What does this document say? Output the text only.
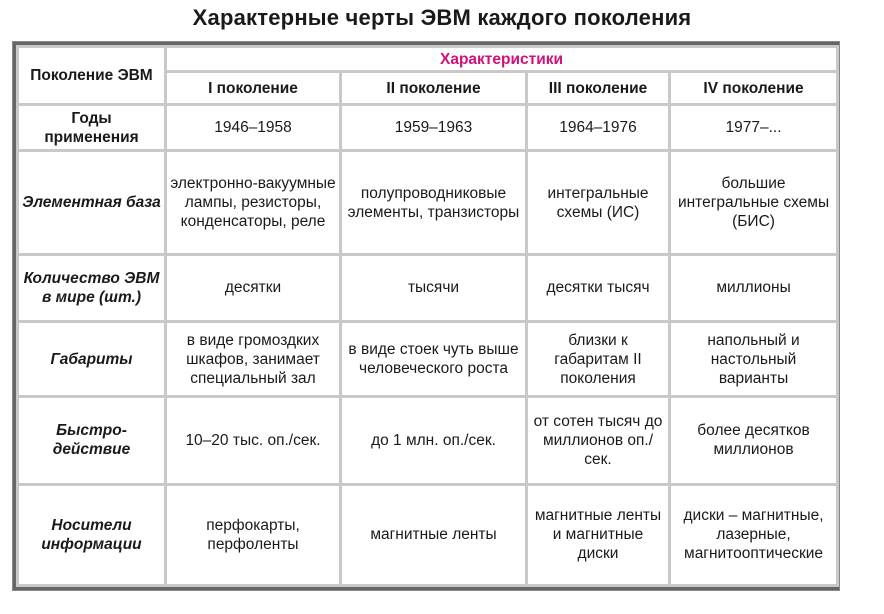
Характерные черты ЭВМ каждого поколения
Поколение ЭВМ	Характеристики			
	I поколение	II поколение	III поколение	IV поколение
Годы применения	1946–1958	1959–1963	1964–1976	1977–...
Элементная база	электронно-вакуумные лампы, резисторы, конденсаторы, реле	полупроводниковые элементы, транзисторы	интегральные схемы (ИС)	большие интегральные схемы (БИС)
Количество ЭВМ в мире (шт.)	десятки	тысячи	десятки тысяч	миллионы
Габариты	в виде громоздких шкафов, занимает специальный зал	в виде стоек чуть выше человеческого роста	близки к габаритам II поколения	напольный и настольный варианты
Быстро-действие	10–20 тыс. оп./сек.	до 1 млн. оп./сек.	от сотен тысяч до миллионов оп./сек.	более десятков миллионов
Носители информации	перфокарты, перфоленты	магнитные ленты	магнитные ленты и магнитные диски	диски – магнитные, лазерные, магнитооптические
